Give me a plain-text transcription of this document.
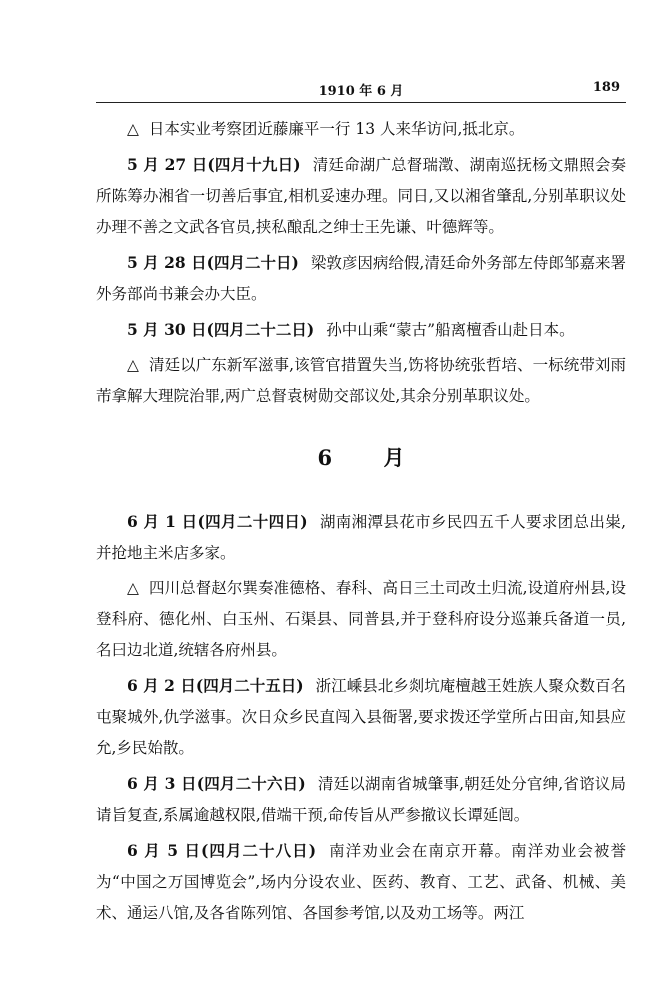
1910 年 6 月	189

△ 日本实业考察团近藤廉平一行 13 人来华访问,抵北京。

5 月 27 日(四月十九日) 清廷命湖广总督瑞澂、湖南巡抚杨文鼎照会奏所陈筹办湘省一切善后事宜,相机妥速办理。同日,又以湘省肇乱,分别革职议处办理不善之文武各官员,挟私酿乱之绅士王先谦、叶德辉等。

5 月 28 日(四月二十日) 梁敦彦因病给假,清廷命外务部左侍郎邹嘉来署外务部尚书兼会办大臣。

5 月 30 日(四月二十二日) 孙中山乘“蒙古”船离檀香山赴日本。

△ 清廷以广东新军滋事,该管官措置失当,饬将协统张哲培、一标统带刘雨芾拿解大理院治罪,两广总督袁树勋交部议处,其余分别革职议处。

6 月

6 月 1 日(四月二十四日) 湖南湘潭县花市乡民四五千人要求团总出粜,并抢地主米店多家。

△ 四川总督赵尔巽奏准德格、春科、高日三土司改土归流,设道府州县,设登科府、德化州、白玉州、石渠县、同普县,并于登科府设分巡兼兵备道一员,名曰边北道,统辖各府州县。

6 月 2 日(四月二十五日) 浙江嵊县北乡剡坑庵檀越王姓族人聚众数百名屯聚城外,仇学滋事。次日众乡民直闯入县衙署,要求拨还学堂所占田亩,知县应允,乡民始散。

6 月 3 日(四月二十六日) 清廷以湖南省城肇事,朝廷处分官绅,省谘议局请旨复查,系属逾越权限,借端干预,命传旨从严参撤议长谭延闿。

6 月 5 日(四月二十八日) 南洋劝业会在南京开幕。南洋劝业会被誉为“中国之万国博览会”,场内分设农业、医药、教育、工艺、武备、机械、美术、通运八馆,及各省陈列馆、各国参考馆,以及劝工场等。两江
